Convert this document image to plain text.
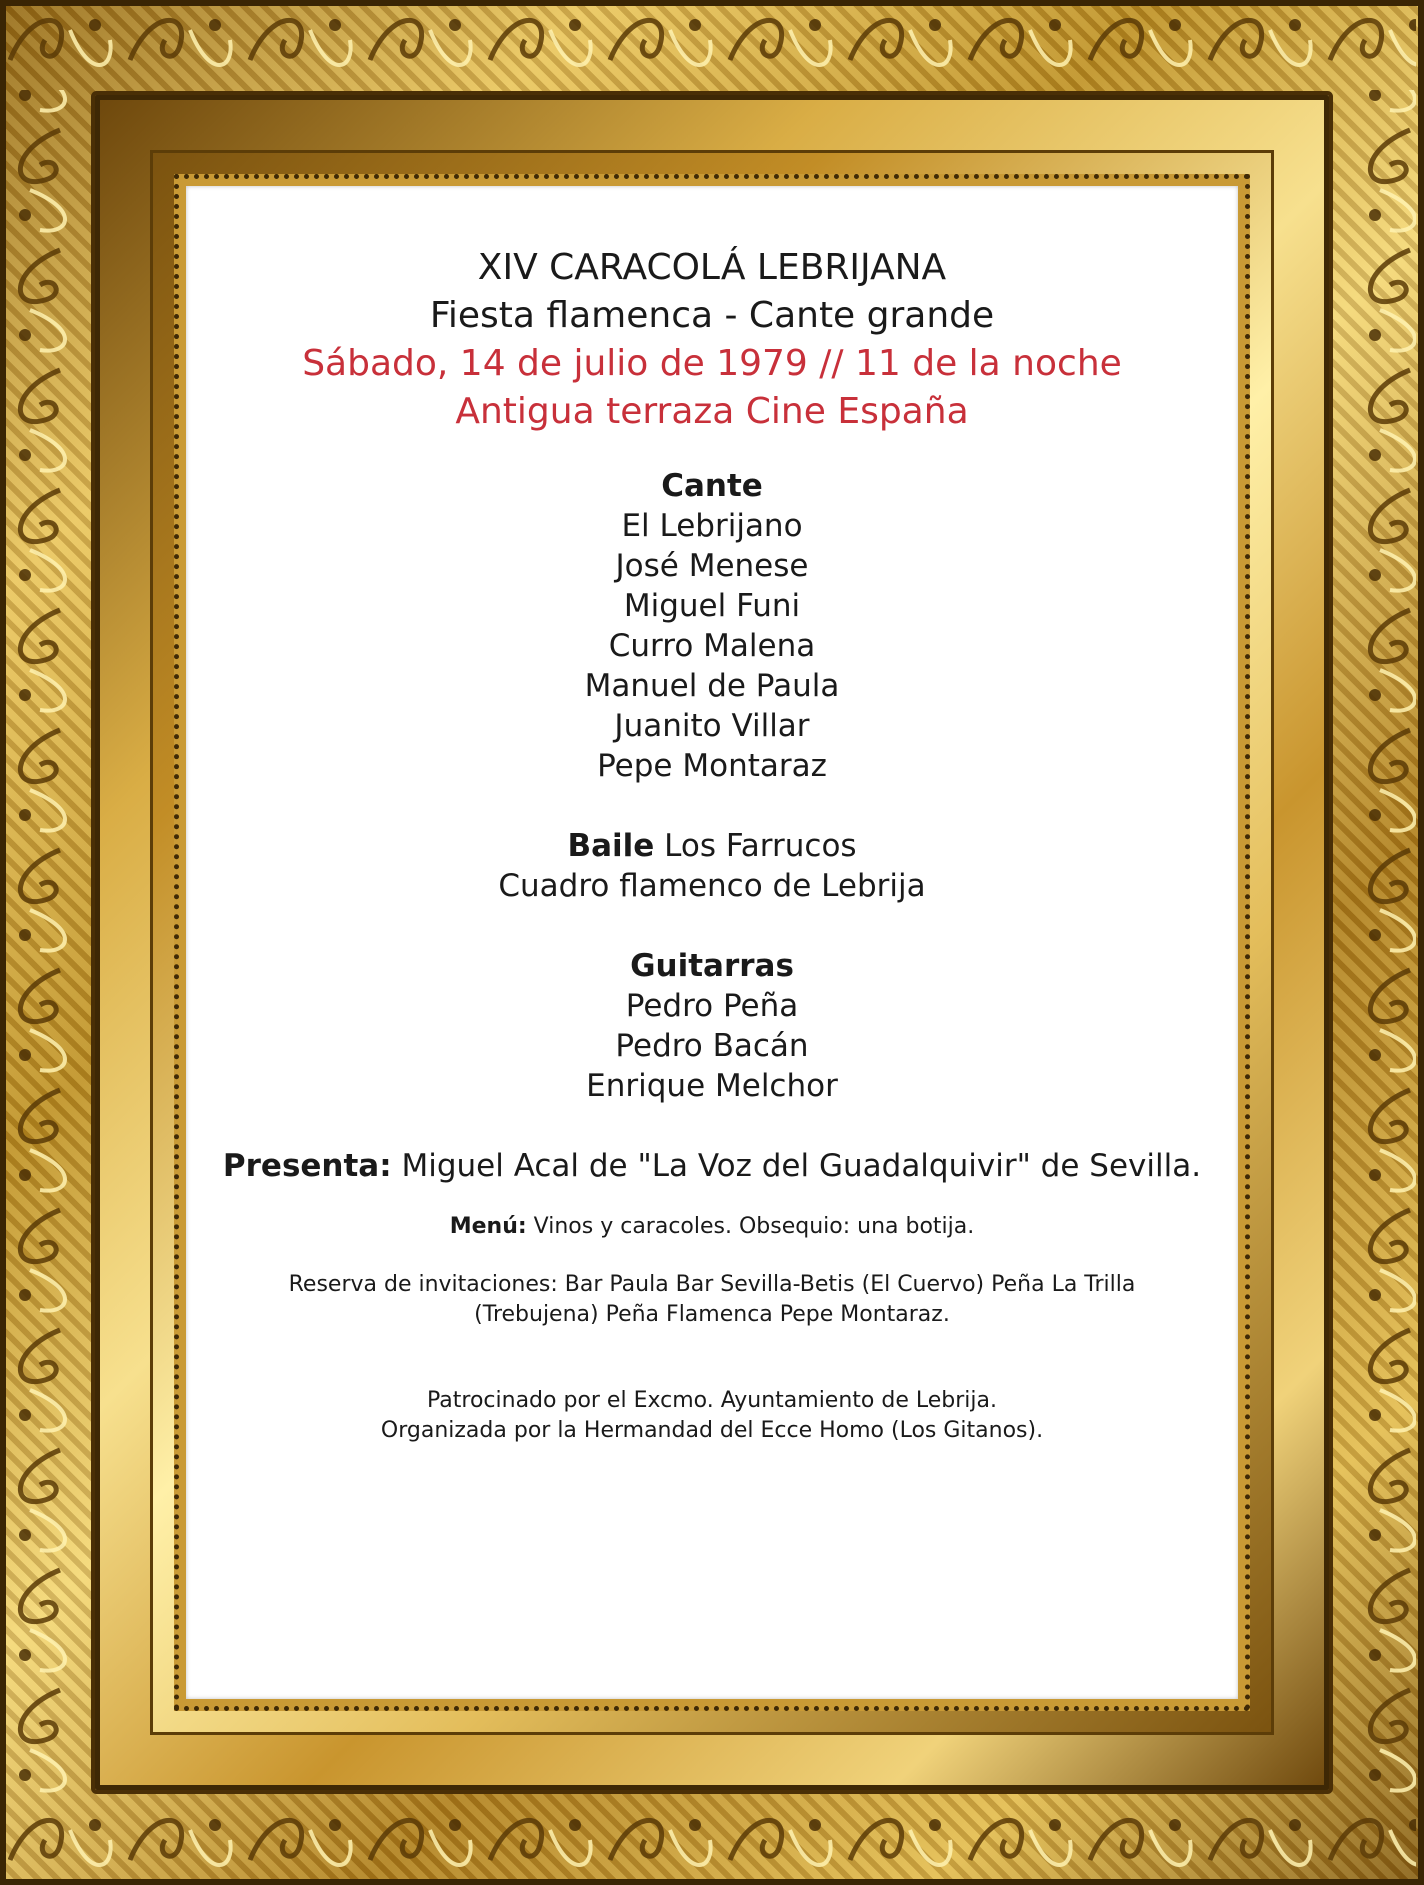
XIV CARACOLÁ LEBRIJANA
Fiesta flamenca - Cante grande
Sábado, 14 de julio de 1979 // 11 de la noche
Antigua terraza Cine España
Cante
El Lebrijano
José Menese
Miguel Funi
Curro Malena
Manuel de Paula
Juanito Villar
Pepe Montaraz
Baile Los Farrucos
Cuadro flamenco de Lebrija
Guitarras
Pedro Peña
Pedro Bacán
Enrique Melchor
Presenta: Miguel Acal de "La Voz del Guadalquivir" de Sevilla.
Menú: Vinos y caracoles. Obsequio: una botija.
Reserva de invitaciones: Bar Paula Bar Sevilla-Betis (El Cuervo) Peña La Trilla
(Trebujena) Peña Flamenca Pepe Montaraz.
Patrocinado por el Excmo. Ayuntamiento de Lebrija.
Organizada por la Hermandad del Ecce Homo (Los Gitanos).
